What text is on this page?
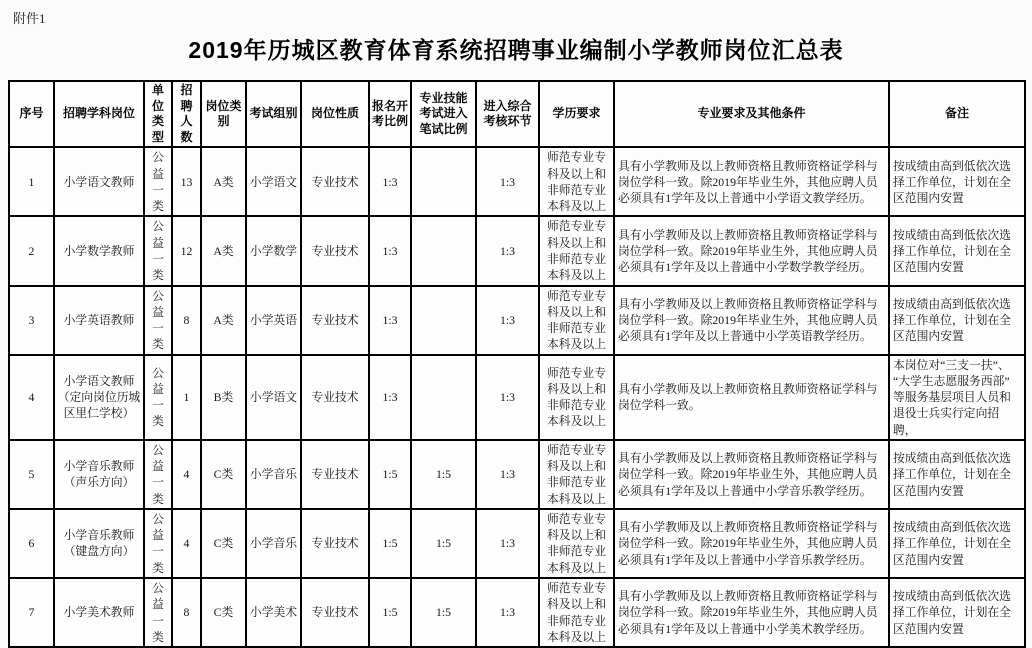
附件1
2019年历城区教育体育系统招聘事业编制小学教师岗位汇总表
序号	招聘学科岗位	单位类型	招聘人数	岗位类别	考试组别	岗位性质	报名开考比例	专业技能考试进入笔试比例	进入综合考核环节	学历要求	专业要求及其他条件	备注
1	小学语文教师	公益一类	13	A类	小学语文	专业技术	1:3		1:3	师范专业专科及以上和非师范专业本科及以上	具有小学教师及以上教师资格且教师资格证学科与岗位学科一致。除2019年毕业生外，其他应聘人员必须具有1学年及以上普通中小学语文教学经历。	按成绩由高到低依次选择工作单位，计划在全区范围内安置
2	小学数学教师	公益一类	12	A类	小学数学	专业技术	1:3		1:3	师范专业专科及以上和非师范专业本科及以上	具有小学教师及以上教师资格且教师资格证学科与岗位学科一致。除2019年毕业生外，其他应聘人员必须具有1学年及以上普通中小学数学教学经历。	按成绩由高到低依次选择工作单位，计划在全区范围内安置
3	小学英语教师	公益一类	8	A类	小学英语	专业技术	1:3		1:3	师范专业专科及以上和非师范专业本科及以上	具有小学教师及以上教师资格且教师资格证学科与岗位学科一致。除2019年毕业生外，其他应聘人员必须具有1学年及以上普通中小学英语教学经历。	按成绩由高到低依次选择工作单位，计划在全区范围内安置
4	小学语文教师（定向岗位历城区里仁学校）	公益一类	1	B类	小学语文	专业技术	1:3		1:3	师范专业专科及以上和非师范专业本科及以上	具有小学教师及以上教师资格且教师资格证学科与岗位学科一致。	本岗位对“三支一扶”、“大学生志愿服务西部”等服务基层项目人员和退役士兵实行定向招聘，
5	小学音乐教师（声乐方向）	公益一类	4	C类	小学音乐	专业技术	1:5	1:5	1:3	师范专业专科及以上和非师范专业本科及以上	具有小学教师及以上教师资格且教师资格证学科与岗位学科一致。除2019年毕业生外，其他应聘人员必须具有1学年及以上普通中小学音乐教学经历。	按成绩由高到低依次选择工作单位，计划在全区范围内安置
6	小学音乐教师（键盘方向）	公益一类	4	C类	小学音乐	专业技术	1:5	1:5	1:3	师范专业专科及以上和非师范专业本科及以上	具有小学教师及以上教师资格且教师资格证学科与岗位学科一致。除2019年毕业生外，其他应聘人员必须具有1学年及以上普通中小学音乐教学经历。	按成绩由高到低依次选择工作单位，计划在全区范围内安置
7	小学美术教师	公益一类	8	C类	小学美术	专业技术	1:5	1:5	1:3	师范专业专科及以上和非师范专业本科及以上	具有小学教师及以上教师资格且教师资格证学科与岗位学科一致。除2019年毕业生外，其他应聘人员必须具有1学年及以上普通中小学美术教学经历。	按成绩由高到低依次选择工作单位，计划在全区范围内安置
